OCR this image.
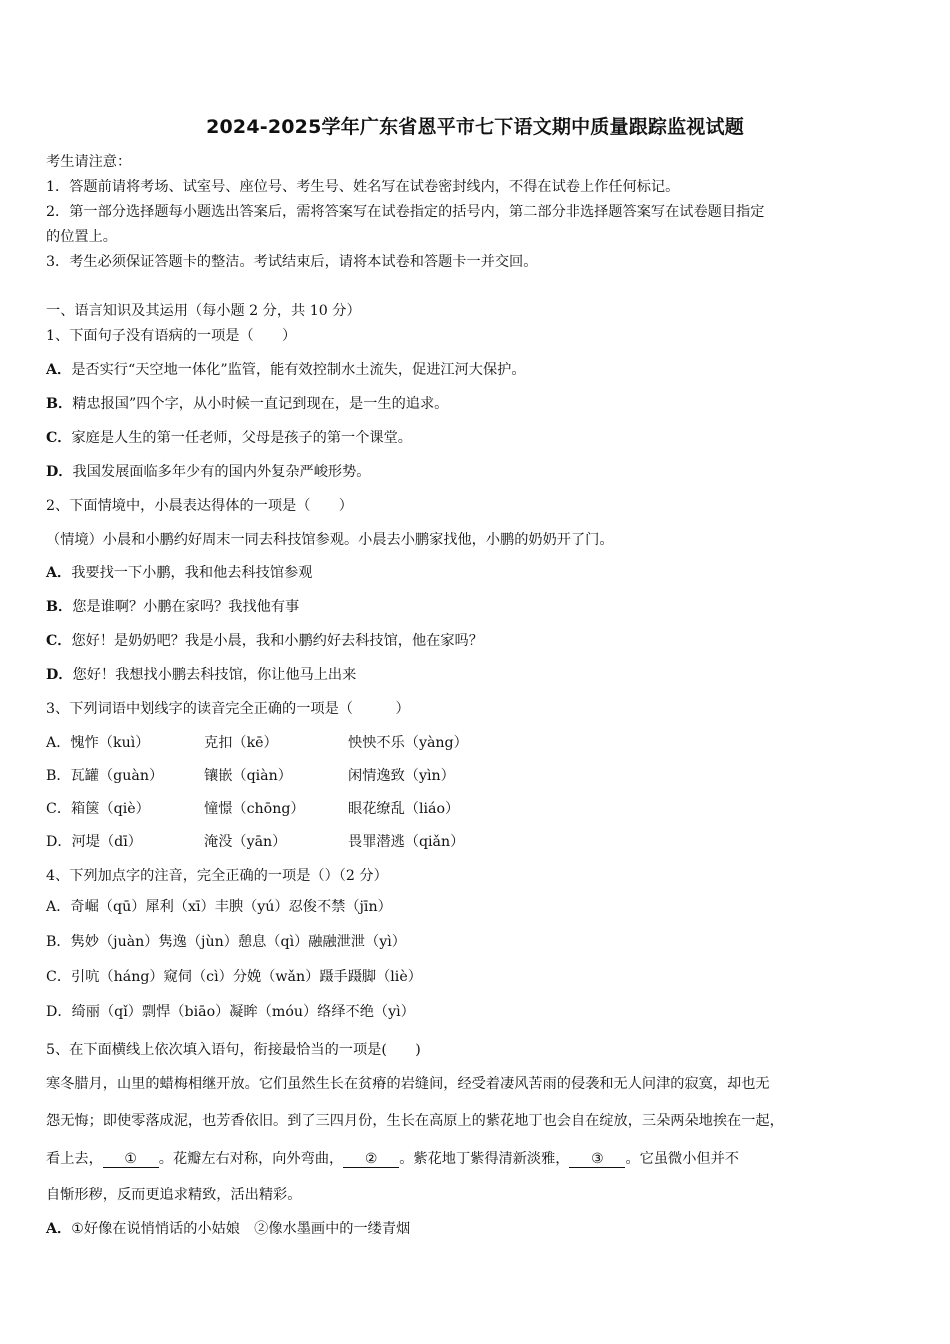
2024-2025学年广东省恩平市七下语文期中质量跟踪监视试题
考生请注意：
1．答题前请将考场、试室号、座位号、考生号、姓名写在试卷密封线内，不得在试卷上作任何标记。
2．第一部分选择题每小题选出答案后，需将答案写在试卷指定的括号内，第二部分非选择题答案写在试卷题目指定
的位置上。
3．考生必须保证答题卡的整洁。考试结束后，请将本试卷和答题卡一并交回。
一、语言知识及其运用（每小题 2 分，共 10 分）
1、下面句子没有语病的一项是（　　）
A．是否实行“天空地一体化”监管，能有效控制水土流失，促进江河大保护。
B．精忠报国”四个字，从小时候一直记到现在，是一生的追求。
C．家庭是人生的第一任老师，父母是孩子的第一个课堂。
D．我国发展面临多年少有的国内外复杂严峻形势。
2、下面情境中，小晨表达得体的一项是（　　）
（情境）小晨和小鹏约好周末一同去科技馆参观。小晨去小鹏家找他，小鹏的奶奶开了门。
A．我要找一下小鹏，我和他去科技馆参观
B．您是谁啊？小鹏在家吗？我找他有事
C．您好！是奶奶吧？我是小晨，我和小鹏约好去科技馆，他在家吗？
D．您好！我想找小鹏去科技馆，你让他马上出来
3、下列词语中划线字的读音完全正确的一项是（　　　）
A．愧怍（kuì）	克扣（kē）	怏怏不乐（yàng）
B．瓦罐（guàn）	镶嵌（qiàn）	闲情逸致（yìn）
C．箱箧（qiè）	憧憬（chōng）	眼花缭乱（liáo）
D．河堤（dī）	淹没（yān）	畏罪潜逃（qiǎn）
4、下列加点字的注音，完全正确的一项是（）（2 分）
A．奇崛（qū）犀利（xī）丰腴（yú）忍俊不禁（jīn）
B．隽妙（juàn）隽逸（jùn）憩息（qì）融融泄泄（yì）
C．引吭（háng）窥伺（cì）分娩（wǎn）蹑手蹑脚（liè）
D．绮丽（qǐ）剽悍（biāo）凝眸（móu）络绎不绝（yì）
5、在下面横线上依次填入语句，衔接最恰当的一项是(　　)
寒冬腊月，山里的蜡梅相继开放。它们虽然生长在贫瘠的岩缝间，经受着凄风苦雨的侵袭和无人问津的寂寞，却也无
怨无悔；即使零落成泥，也芳香依旧。到了三四月份，生长在高原上的紫花地丁也会自在绽放，三朵两朵地挨在一起，
看上去， ① 。花瓣左右对称，向外弯曲， ② 。紫花地丁紫得清新淡雅， ③ 。它虽微小但并不
自惭形秽，反而更追求精致，活出精彩。
A．①好像在说悄悄话的小姑娘　②像水墨画中的一缕青烟
